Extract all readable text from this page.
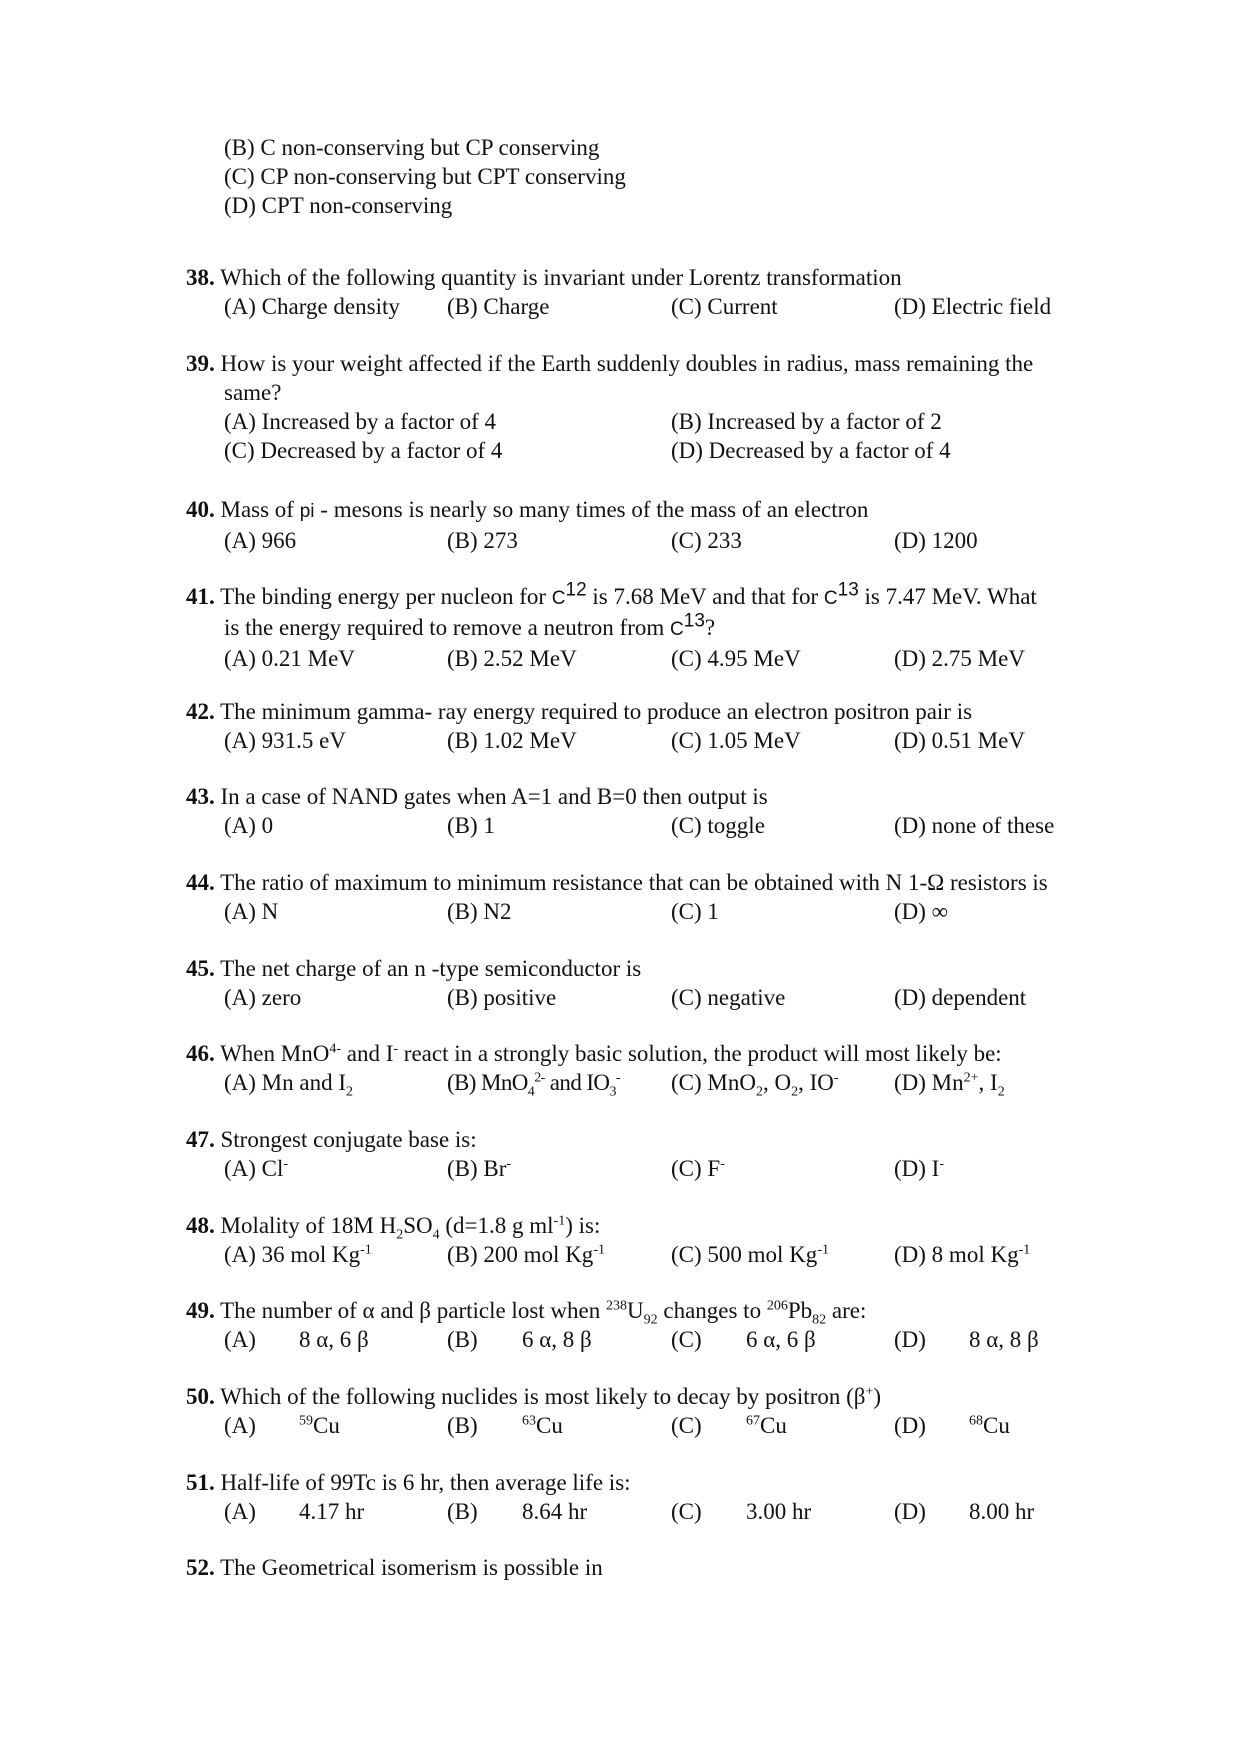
(B) C non-conserving but CP conserving
(C) CP non-conserving but CPT conserving
(D) CPT non-conserving
38. Which of the following quantity is invariant under Lorentz transformation
(A) Charge density (B) Charge	(C) Current	(D) Electric field
39. How is your weight affected if the Earth suddenly doubles in radius, mass remaining the
same?
(A) Increased by a factor of 4	(B) Increased by a factor of 2
(C) Decreased by a factor of 4	(D) Decreased by a factor of 4
40. Mass of pi - mesons is nearly so many times of the mass of an electron
(A) 966	(B) 273	(C) 233	(D) 1200
41. The binding energy per nucleon for $C^{12}$ is 7.68 MeV and that for $C^{13}$ is 7.47 MeV. What
is the energy required to remove a neutron from $C^{13}$?
(A) 0.21 MeV	(B) 2.52 MeV	(C) 4.95 MeV	(D) 2.75 MeV
42. The minimum gamma- ray energy required to produce an electron positron pair is
(A) 931.5 eV	(B) 1.02 MeV	(C) 1.05 MeV	(D) 0.51 MeV
43. In a case of NAND gates when A=1 and B=0 then output is
(A) 0	(B) 1	(C) toggle	(D) none of these
44. The ratio of maximum to minimum resistance that can be obtained with N 1-Ω resistors is
(A) N	(B) N2	(C) 1	(D) ∞
45. The net charge of an n -type semiconductor is
(A) zero	(B) positive	(C) negative	(D) dependent
46. When MnO$^{4-}$ and I- react in a strongly basic solution, the product will most likely be:
(A) Mn and $I_2$	(B) MnO$_4^{2-}$ and $IO_3^-$ (C) MnO$_2$, $O_2$, IO- (D) $Mn^{2+}$, $I_2$
47. Strongest conjugate base is:
(A) Cl-	(B) Br-	(C) F-	(D) I-
48. Molality of 18M $H_2SO_4$ (d=1.8 g $ml^{-1}$) is:
(A) 36 mol $Kg^{-1}$	(B) 200 mol $Kg^{-1}$	(C) 500 mol $Kg^{-1}$	(D) 8 mol $Kg^{-1}$
49. The number of α and β particle lost when $^{238}U_{92}$ changes to $^{206}Pb_{82}$ are:
(A) 8 α, 6 β	(B) 6 α, 8 β	(C) 6 α, 6 β	(D) 8 α, 8 β
50. Which of the following nuclides is most likely to decay by positron (β+)
(A)	$^{59}$Cu	(B)	$^{63}$Cu	(C)	$^{67}$Cu	(D)	$^{68}$Cu
51. Half-life of 99Tc is 6 hr, then average life is:
(A) 4.17 hr	(B) 8.64 hr	(C) 3.00 hr	(D) 8.00 hr
52. The Geometrical isomerism is possible in
